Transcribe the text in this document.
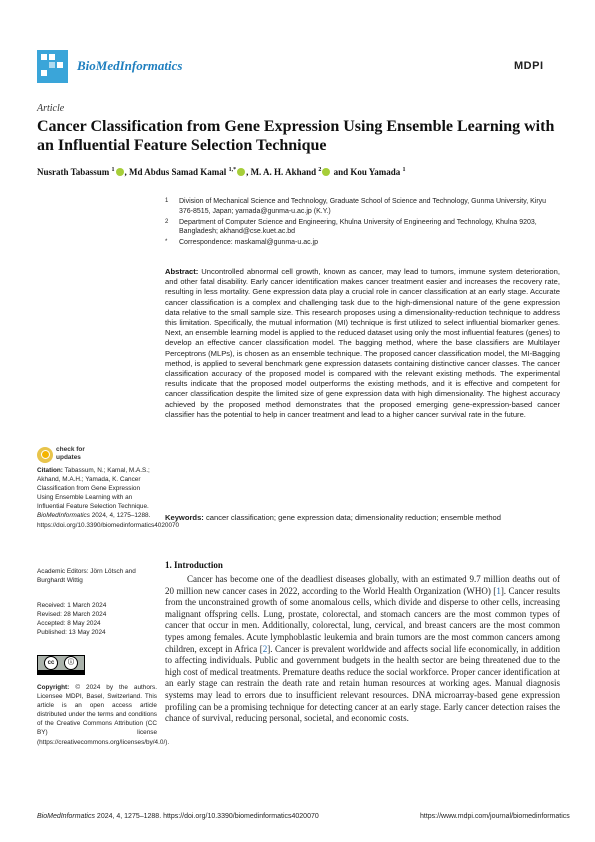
BioMedInformatics	MDPI
Article
Cancer Classification from Gene Expression Using Ensemble Learning with an Influential Feature Selection Technique
Nusrath Tabassum $^1$ , Md Abdus Samad Kamal $^{1,*}$ , M. A. H. Akhand $^2$ and Kou Yamada $^1$
1	Division of Mechanical Science and Technology, Graduate School of Science and Technology, Gunma University, Kiryu 376-8515, Japan; yamada@gunma-u.ac.jp (K.Y.)
2	Department of Computer Science and Engineering, Khulna University of Engineering and Technology, Khulna 9203, Bangladesh; akhand@cse.kuet.ac.bd
*	Correspondence: maskamal@gunma-u.ac.jp
Abstract: Uncontrolled abnormal cell growth, known as cancer, may lead to tumors, immune system deterioration, and other fatal disability. Early cancer identification makes cancer treatment easier and increases the recovery rate, resulting in less mortality. Gene expression data play a crucial role in cancer classification at an early stage. Accurate cancer classification is a complex and challenging task due to the high-dimensional nature of the gene expression data relative to the small sample size. This research proposes using a dimensionality-reduction technique to address this limitation. Specifically, the mutual information (MI) technique is first utilized to select influential biomarker genes. Next, an ensemble learning model is applied to the reduced dataset using only the most influential features (genes) to develop an effective cancer classification model. The bagging method, where the base classifiers are Multilayer Perceptrons (MLPs), is chosen as an ensemble technique. The proposed cancer classification model, the MI-Bagging method, is applied to several benchmark gene expression datasets containing distinctive cancer classes. The cancer classification accuracy of the proposed model is compared with the relevant existing methods. The experimental results indicate that the proposed model outperforms the existing methods, and it is effective and competent for cancer classification despite the limited size of gene expression data with high dimensionality. The highest accuracy achieved by the proposed method demonstrates that the proposed emerging gene-expression-based cancer classifier has the potential to help in cancer treatment and lead to a higher cancer survival rate in the future.
Keywords: cancer classification; gene expression data; dimensionality reduction; ensemble method
check for
updates
Citation: Tabassum, N.; Kamal, M.A.S.; Akhand, M.A.H.; Yamada, K. Cancer Classification from Gene Expression Using Ensemble Learning with an Influential Feature Selection Technique. BioMedInformatics 2024, 4, 1275–1288. https://doi.org/10.3390/biomedinformatics4020070
Academic Editors: Jörn Lötsch and Burghardt Wittig
Received: 1 March 2024
Revised: 28 March 2024
Accepted: 8 May 2024
Published: 13 May 2024
cc	ⓘ
Copyright: © 2024 by the authors. Licensee MDPI, Basel, Switzerland. This article is an open access article distributed under the terms and conditions of the Creative Commons Attribution (CC BY) license (https://creativecommons.org/licenses/by/4.0/).
1. Introduction
Cancer has become one of the deadliest diseases globally, with an estimated 9.7 million deaths out of 20 million new cancer cases in 2022, according to the World Health Organization (WHO) [1]. Cancer results from the unconstrained growth of some anomalous cells, which divide and disperse to other cells, increasing malignant offspring cells. Lung, prostate, colorectal, and stomach cancers are the most common types of cancer that occur in men. Additionally, colorectal, lung, cervical, and breast cancers are the most common types among females. Acute lymphoblastic leukemia and brain tumors are the most common cancers among children, except in Africa [2]. Cancer is prevalent worldwide and affects social life economically, in addition to affecting individuals. Public and government budgets in the health sector are being threatened due to the high cost of medical treatments. Premature deaths reduce the social workforce. Proper cancer identification at an early stage can restrain the death rate and retain human resources at working ages. Manual diagnosis systems may lead to errors due to insufficient relevant resources. DNA microarray-based gene expression profiling can be a promising technique for detecting cancer at an early stage. Early cancer detection raises the chance of survival, reducing personal, societal, and economic costs.
BioMedInformatics 2024, 4, 1275–1288. https://doi.org/10.3390/biomedinformatics4020070	https://www.mdpi.com/journal/biomedinformatics
